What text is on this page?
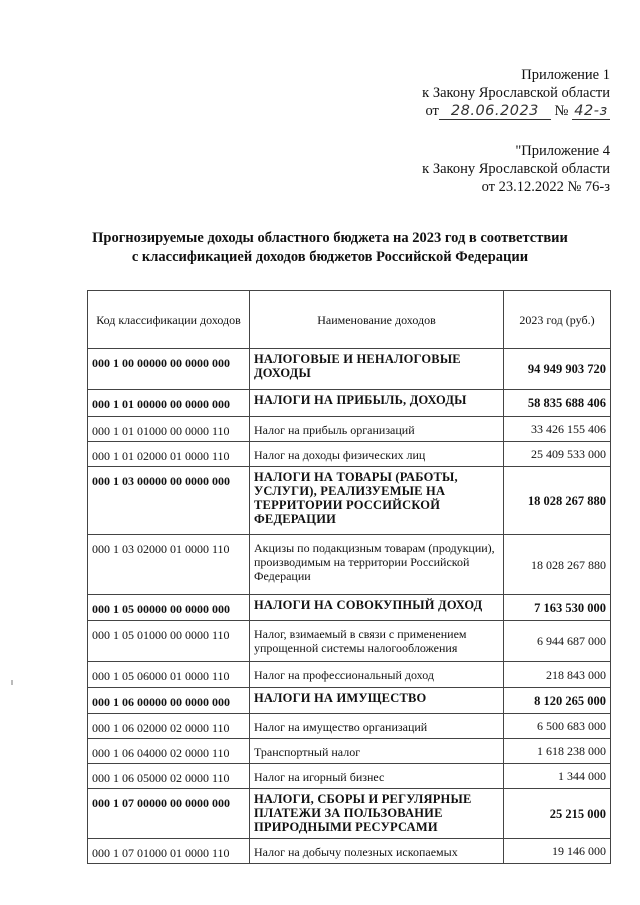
Приложение 1
к Закону Ярославской области
от 28.06.2023 № 42-з
"Приложение 4
к Закону Ярославской области
от 23.12.2022 № 76-з
Прогнозируемые доходы областного бюджета на 2023 год в соответствии
с классификацией доходов бюджетов Российской Федерации
Код классификации доходов	Наименование доходов	2023 год (руб.)
000 1 00 00000 00 0000 000	НАЛОГОВЫЕ И НЕНАЛОГОВЫЕ ДОХОДЫ	94 949 903 720
000 1 01 00000 00 0000 000	НАЛОГИ НА ПРИБЫЛЬ, ДОХОДЫ	58 835 688 406
000 1 01 01000 00 0000 110	Налог на прибыль организаций	33 426 155 406
000 1 01 02000 01 0000 110	Налог на доходы физических лиц	25 409 533 000
000 1 03 00000 00 0000 000	НАЛОГИ НА ТОВАРЫ (РАБОТЫ, УСЛУГИ), РЕАЛИЗУЕМЫЕ НА ТЕРРИТОРИИ РОССИЙСКОЙ ФЕДЕРАЦИИ	18 028 267 880
000 1 03 02000 01 0000 110	Акцизы по подакцизным товарам (продукции), производимым на территории Российской Федерации	18 028 267 880
000 1 05 00000 00 0000 000	НАЛОГИ НА СОВОКУПНЫЙ ДОХОД	7 163 530 000
000 1 05 01000 00 0000 110	Налог, взимаемый в связи с применением упрощенной системы налогообложения	6 944 687 000
000 1 05 06000 01 0000 110	Налог на профессиональный доход	218 843 000
000 1 06 00000 00 0000 000	НАЛОГИ НА ИМУЩЕСТВО	8 120 265 000
000 1 06 02000 02 0000 110	Налог на имущество организаций	6 500 683 000
000 1 06 04000 02 0000 110	Транспортный налог	1 618 238 000
000 1 06 05000 02 0000 110	Налог на игорный бизнес	1 344 000
000 1 07 00000 00 0000 000	НАЛОГИ, СБОРЫ И РЕГУЛЯРНЫЕ ПЛАТЕЖИ ЗА ПОЛЬЗОВАНИЕ ПРИРОДНЫМИ РЕСУРСАМИ	25 215 000
000 1 07 01000 01 0000 110	Налог на добычу полезных ископаемых	19 146 000
